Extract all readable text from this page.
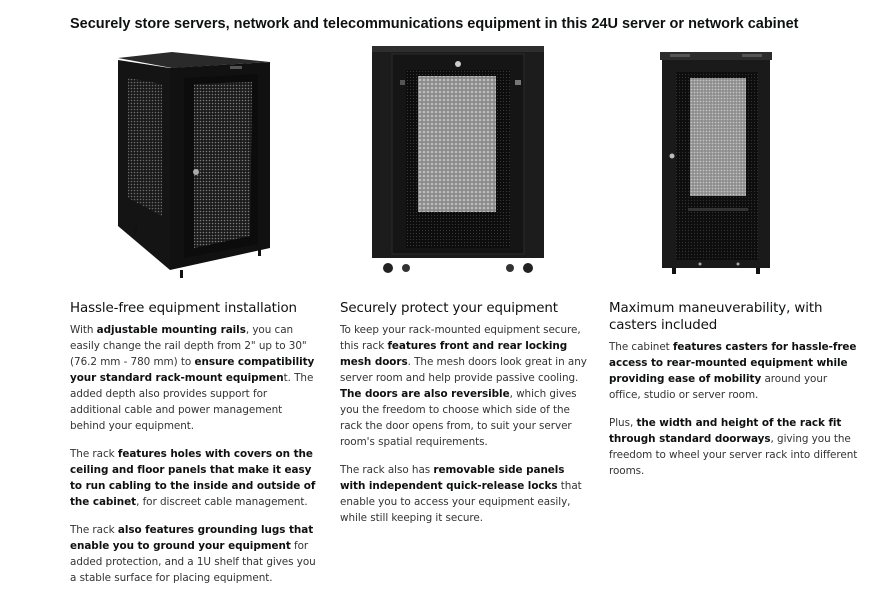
Securely store servers, network and telecommunications equipment in this 24U server or network cabinet
Hassle-free equipment installation

With adjustable mounting rails, you can easily change the rail depth from 2" up to 30" (76.2 mm - 780 mm) to ensure compatibility your standard rack-mount equipment. The added depth also provides support for additional cable and power management behind your equipment.

The rack features holes with covers on the ceiling and floor panels that make it easy to run cabling to the inside and outside of the cabinet, for discreet cable management.

The rack also features grounding lugs that enable you to ground your equipment for added protection, and a 1U shelf that gives you a stable surface for placing equipment.

Securely protect your equipment

To keep your rack-mounted equipment secure, this rack features front and rear locking mesh doors. The mesh doors look great in any server room and help provide passive cooling. The doors are also reversible, which gives you the freedom to choose which side of the rack the door opens from, to suit your server room's spatial requirements.

The rack also has removable side panels with independent quick-release locks that enable you to access your equipment easily, while still keeping it secure.

Maximum maneuverability, with casters included

The cabinet features casters for hassle-free access to rear-mounted equipment while providing ease of mobility around your office, studio or server room.

Plus, the width and height of the rack fit through standard doorways, giving you the freedom to wheel your server rack into different rooms.
